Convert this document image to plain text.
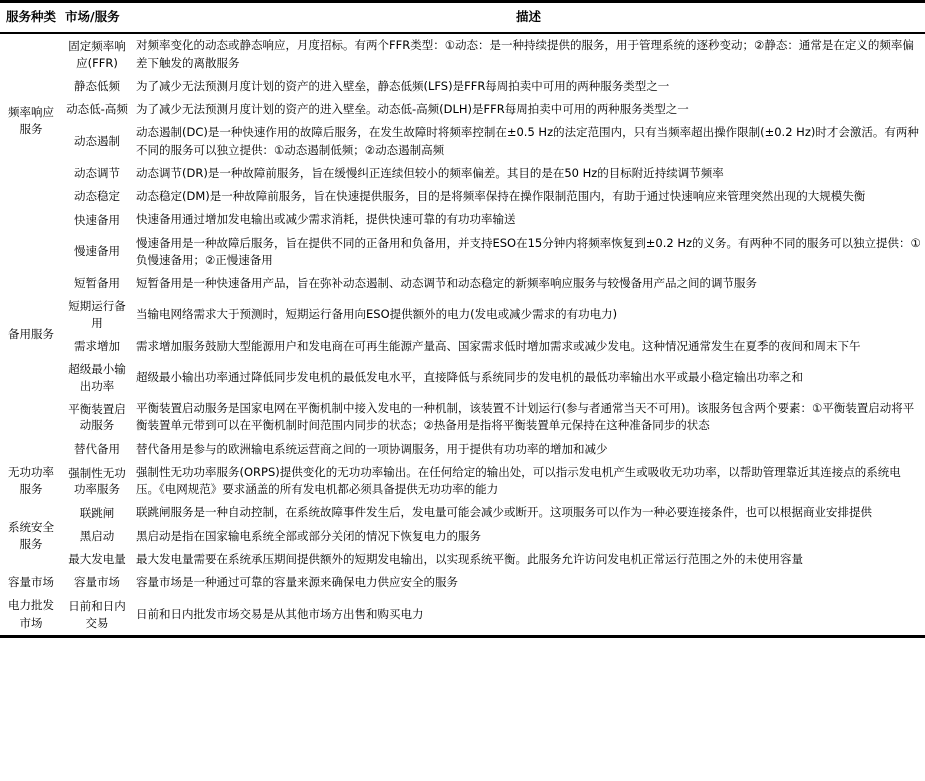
服务种类	市场/服务	描述
频率响应服务	固定频率响应(FFR)	对频率变化的动态或静态响应，月度招标。有两个FFR类型：①动态：是一种持续提供的服务，用于管理系统的逐秒变动；②静态：通常是在定义的频率偏差下触发的离散服务
	静态低频	为了减少无法预测月度计划的资产的进入壁垒，静态低频(LFS)是FFR每周拍卖中可用的两种服务类型之一
	动态低-高频	为了减少无法预测月度计划的资产的进入壁垒。动态低-高频(DLH)是FFR每周拍卖中可用的两种服务类型之一
	动态遏制	动态遏制(DC)是一种快速作用的故障后服务，在发生故障时将频率控制在±0.5 Hz的法定范围内，只有当频率超出操作限制(±0.2 Hz)时才会激活。有两种不同的服务可以独立提供：①动态遏制低频；②动态遏制高频
	动态调节	动态调节(DR)是一种故障前服务，旨在缓慢纠正连续但较小的频率偏差。其目的是在50 Hz的目标附近持续调节频率
	动态稳定	动态稳定(DM)是一种故障前服务，旨在快速提供服务，目的是将频率保持在操作限制范围内，有助于通过快速响应来管理突然出现的大规模失衡
备用服务	快速备用	快速备用通过增加发电输出或减少需求消耗，提供快速可靠的有功功率输送
	慢速备用	慢速备用是一种故障后服务，旨在提供不同的正备用和负备用，并支持ESO在15分钟内将频率恢复到±0.2 Hz的义务。有两种不同的服务可以独立提供：①负慢速备用；②正慢速备用
	短暂备用	短暂备用是一种快速备用产品，旨在弥补动态遏制、动态调节和动态稳定的新频率响应服务与较慢备用产品之间的调节服务
	短期运行备用	当输电网络需求大于预测时，短期运行备用向ESO提供额外的电力(发电或减少需求的有功电力)
	需求增加	需求增加服务鼓励大型能源用户和发电商在可再生能源产量高、国家需求低时增加需求或减少发电。这种情况通常发生在夏季的夜间和周末下午
	超级最小输出功率	超级最小输出功率通过降低同步发电机的最低发电水平，直接降低与系统同步的发电机的最低功率输出水平或最小稳定输出功率之和
	平衡装置启动服务	平衡装置启动服务是国家电网在平衡机制中接入发电的一种机制，该装置不计划运行(参与者通常当天不可用)。该服务包含两个要素：①平衡装置启动将平衡装置单元带到可以在平衡机制时间范围内同步的状态；②热备用是指将平衡装置单元保持在这种准备同步的状态
	替代备用	替代备用是参与的欧洲输电系统运营商之间的一项协调服务，用于提供有功功率的增加和减少
无功功率服务	强制性无功功率服务	强制性无功功率服务(ORPS)提供变化的无功功率输出。在任何给定的输出处，可以指示发电机产生或吸收无功功率，以帮助管理靠近其连接点的系统电压。《电网规范》要求涵盖的所有发电机都必须具备提供无功功率的能力
系统安全服务	联跳闸	联跳闸服务是一种自动控制，在系统故障事件发生后，发电量可能会减少或断开。这项服务可以作为一种必要连接条件，也可以根据商业安排提供
	黑启动	黑启动是指在国家输电系统全部或部分关闭的情况下恢复电力的服务
	最大发电量	最大发电量需要在系统承压期间提供额外的短期发电输出，以实现系统平衡。此服务允许访问发电机正常运行范围之外的未使用容量
容量市场	容量市场	容量市场是一种通过可靠的容量来源来确保电力供应安全的服务
电力批发市场	日前和日内交易	日前和日内批发市场交易是从其他市场方出售和购买电力
